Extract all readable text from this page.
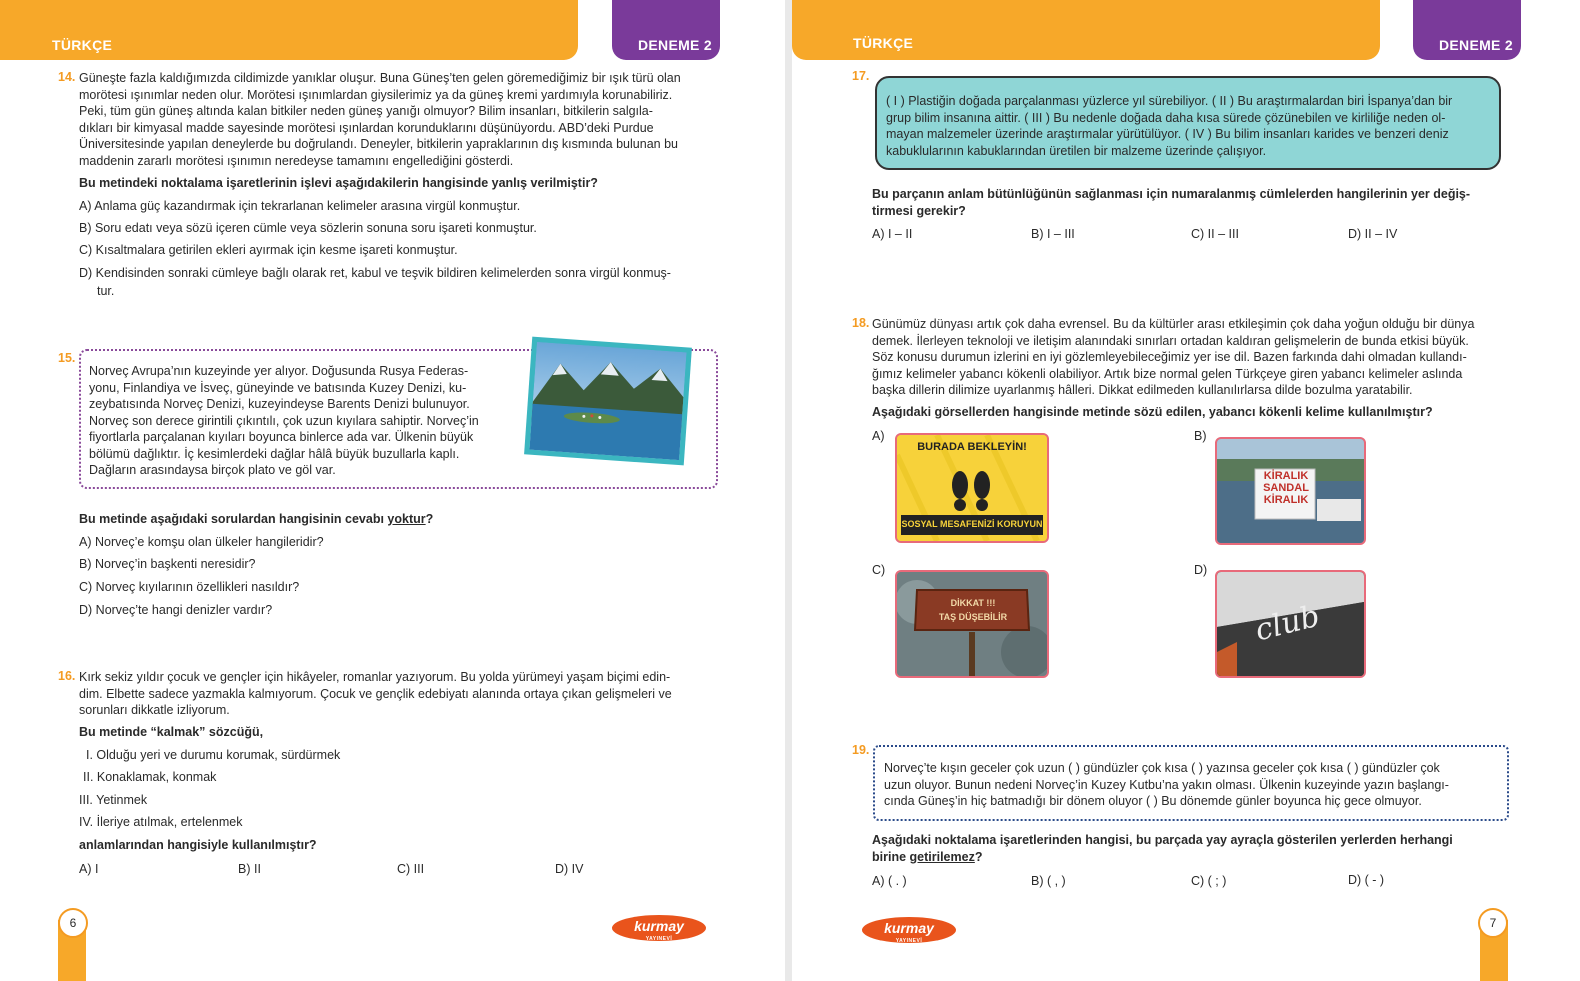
TÜRKÇE	DENEME 2
14. Güneşte fazla kaldığımızda cildimizde yanıklar oluşur. Buna Güneş’ten gelen göremediğimiz bir ışık türü olan
morötesi ışınımlar neden olur. Morötesi ışınımlardan giysilerimiz ya da güneş kremi yardımıyla korunabiliriz.
Peki, tüm gün güneş altında kalan bitkiler neden güneş yanığı olmuyor? Bilim insanları, bitkilerin salgıla-
dıkları bir kimyasal madde sayesinde morötesi ışınlardan korunduklarını düşünüyordu. ABD’deki Purdue
Üniversitesinde yapılan deneylerde bu doğrulandı. Deneyler, bitkilerin yapraklarının dış kısmında bulunan bu
maddenin zararlı morötesi ışınımın neredeyse tamamını engellediğini gösterdi.
Bu metindeki noktalama işaretlerinin işlevi aşağıdakilerin hangisinde yanlış verilmiştir?
A) Anlama güç kazandırmak için tekrarlanan kelimeler arasına virgül konmuştur.
B) Soru edatı veya sözü içeren cümle veya sözlerin sonuna soru işareti konmuştur.
C) Kısaltmalara getirilen ekleri ayırmak için kesme işareti konmuştur.
D) Kendisinden sonraki cümleye bağlı olarak ret, kabul ve teşvik bildiren kelimelerden sonra virgül konmuş-
tur.
15.
Norveç Avrupa’nın kuzeyinde yer alıyor. Doğusunda Rusya Federas-
yonu, Finlandiya ve İsveç, güneyinde ve batısında Kuzey Denizi, ku-
zeybatısında Norveç Denizi, kuzeyindeyse Barents Denizi bulunuyor.
Norveç son derece girintili çıkıntılı, çok uzun kıyılara sahiptir. Norveç’in
fiyortlarla parçalanan kıyıları boyunca binlerce ada var. Ülkenin büyük
bölümü dağlıktır. İç kesimlerdeki dağlar hâlâ büyük buzullarla kaplı.
Dağların arasındaysa birçok plato ve göl var.
Bu metinde aşağıdaki sorulardan hangisinin cevabı yoktur?
A) Norveç’e komşu olan ülkeler hangileridir?
B) Norveç’in başkenti neresidir?
C) Norveç kıyılarının özellikleri nasıldır?
D) Norveç’te hangi denizler vardır?
16. Kırk sekiz yıldır çocuk ve gençler için hikâyeler, romanlar yazıyorum. Bu yolda yürümeyi yaşam biçimi edin-
dim. Elbette sadece yazmakla kalmıyorum. Çocuk ve gençlik edebiyatı alanında ortaya çıkan gelişmeleri ve
sorunları dikkatle izliyorum.
Bu metinde “kalmak” sözcüğü,
I. Olduğu yeri ve durumu korumak, sürdürmek
II. Konaklamak, konmak
III. Yetinmek
IV. İleriye atılmak, ertelenmek
anlamlarından hangisiyle kullanılmıştır?
A) I	B) II	C) III	D) IV
6	kurmay
YAYINEVİ
TÜRKÇE	DENEME 2
17.
( I ) Plastiğin doğada parçalanması yüzlerce yıl sürebiliyor. ( II ) Bu araştırmalardan biri İspanya’dan bir
grup bilim insanına aittir. ( III ) Bu nedenle doğada daha kısa sürede çözünebilen ve kirliliğe neden ol-
mayan malzemeler üzerinde araştırmalar yürütülüyor. ( IV ) Bu bilim insanları karides ve benzeri deniz
kabuklularının kabuklarından üretilen bir malzeme üzerinde çalışıyor.
Bu parçanın anlam bütünlüğünün sağlanması için numaralanmış cümlelerden hangilerinin yer değiş-
tirmesi gerekir?
A) I – II	B) I – III	C) II – III	D) II – IV
18. Günümüz dünyası artık çok daha evrensel. Bu da kültürler arası etkileşimin çok daha yoğun olduğu bir dünya
demek. İlerleyen teknoloji ve iletişim alanındaki sınırları ortadan kaldıran gelişmelerin de bunda etkisi büyük.
Söz konusu durumun izlerini en iyi gözlemleyebileceğimiz yer ise dil. Bazen farkında dahi olmadan kullandı-
ğımız kelimeler yabancı kökenli olabiliyor. Artık bize normal gelen Türkçeye giren yabancı kelimeler aslında
başka dillerin dilimize uyarlanmış hâlleri. Dikkat edilmeden kullanılırlarsa dilde bozulma yaratabilir.
Aşağıdaki görsellerden hangisinde metinde sözü edilen, yabancı kökenli kelime kullanılmıştır?
A)
BURADA BEKLEYİN!
SOSYAL MESAFENİZİ KORUYUN
B)
KİRALIK
SANDAL
KİRALIK
C)
DİKKAT !!!
TAŞ DÜŞEBİLİR
D)
club
19.
Norveç’te kışın geceler çok uzun ( ) gündüzler çok kısa ( ) yazınsa geceler çok kısa ( ) gündüzler çok
uzun oluyor. Bunun nedeni Norveç’in Kuzey Kutbu’na yakın olması. Ülkenin kuzeyinde yazın başlangı-
cında Güneş’in hiç batmadığı bir dönem oluyor ( ) Bu dönemde günler boyunca hiç gece olmuyor.
Aşağıdaki noktalama işaretlerinden hangisi, bu parçada yay ayraçla gösterilen yerlerden herhangi
birine getirilemez?
A) ( . )	B) ( , )	C) ( ; )	D) ( - )
kurmay
YAYINEVİ
7
